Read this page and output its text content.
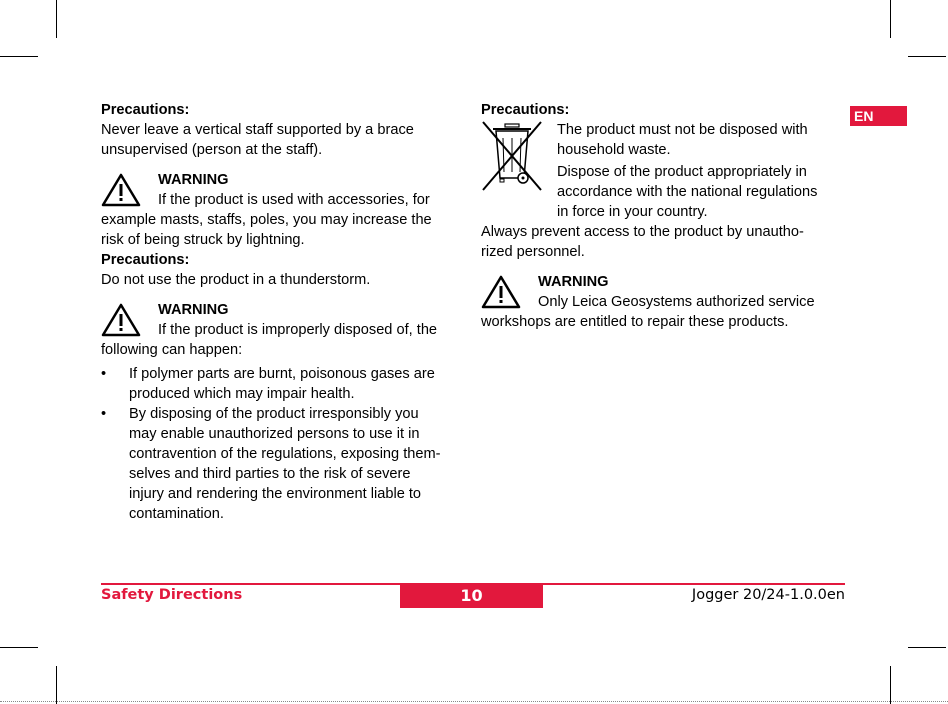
EN
Precautions:
Never leave a vertical staff supported by a brace
unsupervised (person at the staff).
WARNING
If the product is used with accessories, for
example masts, staffs, poles, you may increase the
risk of being struck by lightning.
Precautions:
Do not use the product in a thunderstorm.
WARNING
If the product is improperly disposed of, the
following can happen:
• If polymer parts are burnt, poisonous gases are
produced which may impair health.
• By disposing of the product irresponsibly you
may enable unauthorized persons to use it in
contravention of the regulations, exposing them-
selves and third parties to the risk of severe
injury and rendering the environment liable to
contamination.
Precautions:
The product must not be disposed with
household waste.
Dispose of the product appropriately in
accordance with the national regulations
in force in your country.
Always prevent access to the product by unautho-
rized personnel.
WARNING
Only Leica Geosystems authorized service
workshops are entitled to repair these products.
Safety Directions	10	Jogger 20/24-1.0.0en
